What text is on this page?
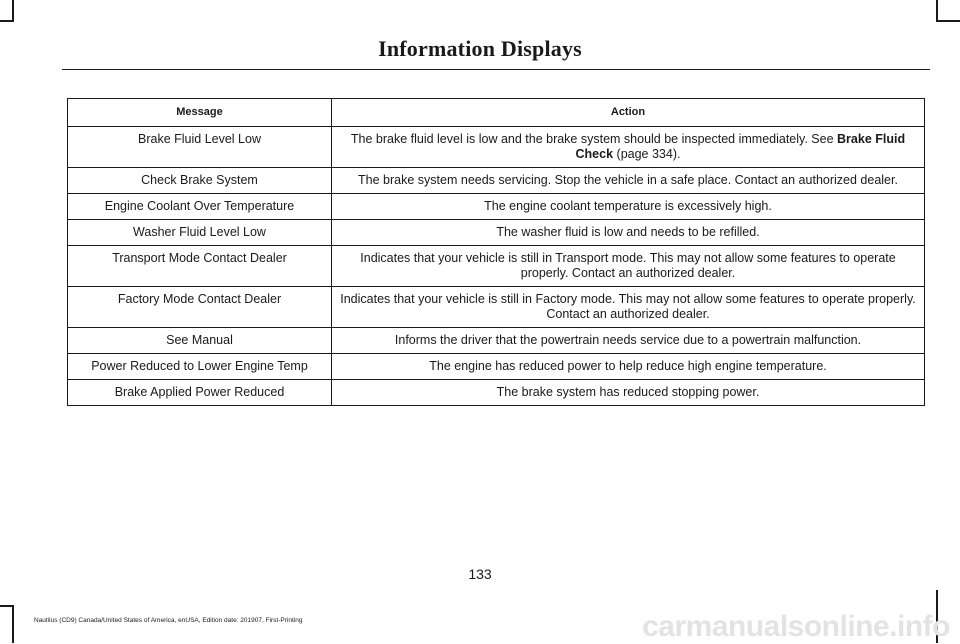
Information Displays
Message	Action
Brake Fluid Level Low	The brake fluid level is low and the brake system should be inspected immediately. See Brake Fluid Check (page 334).
Check Brake System	The brake system needs servicing. Stop the vehicle in a safe place. Contact an authorized dealer.
Engine Coolant Over Temperature	The engine coolant temperature is excessively high.
Washer Fluid Level Low	The washer fluid is low and needs to be refilled.
Transport Mode Contact Dealer	Indicates that your vehicle is still in Transport mode. This may not allow some features to operate properly. Contact an authorized dealer.
Factory Mode Contact Dealer	Indicates that your vehicle is still in Factory mode. This may not allow some features to operate properly. Contact an authorized dealer.
See Manual	Informs the driver that the powertrain needs service due to a powertrain malfunction.
Power Reduced to Lower Engine Temp	The engine has reduced power to help reduce high engine temperature.
Brake Applied Power Reduced	The brake system has reduced stopping power.
133
Nautilus (CD9) Canada/United States of America, enUSA, Edition date: 201907, First-Printing	carmanualsonline.info
